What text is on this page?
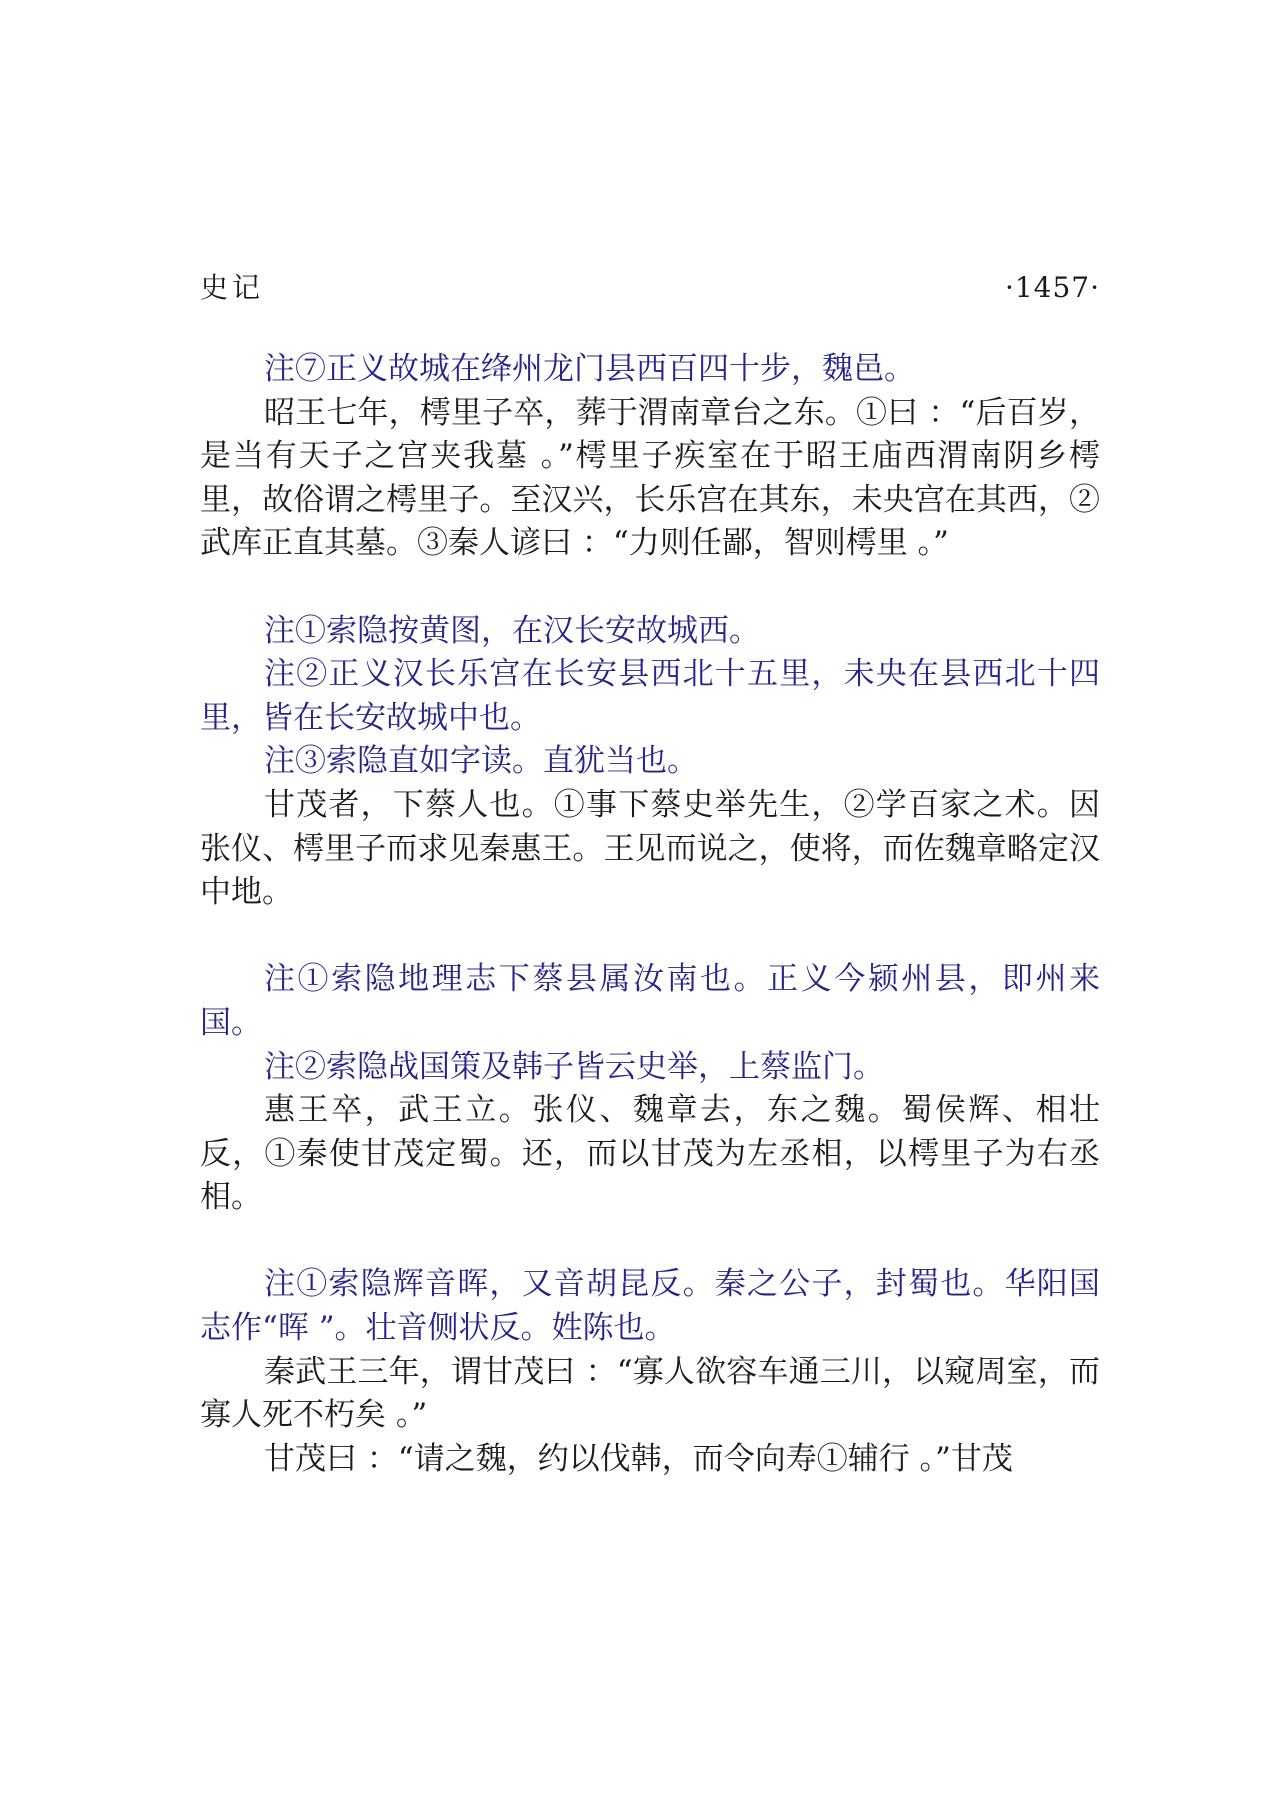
史记	·1457·

注⑦正义故城在绛州龙门县西百四十步，魏邑。

昭王七年，樗里子卒，葬于渭南章台之东。①曰 ：“后百岁，是当有天子之宫夹我墓 。”樗里子疾室在于昭王庙西渭南阴乡樗里，故俗谓之樗里子。至汉兴，长乐宫在其东，未央宫在其西，②武库正直其墓。③秦人谚曰 ：“力则任鄙，智则樗里 。”

注①索隐按黄图，在汉长安故城西。

注②正义汉长乐宫在长安县西北十五里，未央在县西北十四里，皆在长安故城中也。

注③索隐直如字读。直犹当也。

甘茂者，下蔡人也。①事下蔡史举先生，②学百家之术。因张仪、樗里子而求见秦惠王。王见而说之，使将，而佐魏章略定汉中地。

注①索隐地理志下蔡县属汝南也。正义今颍州县，即州来国。

注②索隐战国策及韩子皆云史举，上蔡监门。

惠王卒，武王立。张仪、魏章去，东之魏。蜀侯辉、相壮反，①秦使甘茂定蜀。还，而以甘茂为左丞相，以樗里子为右丞相。

注①索隐辉音晖，又音胡昆反。秦之公子，封蜀也。华阳国志作“晖 ”。壮音侧状反。姓陈也。

秦武王三年，谓甘茂曰 ：“寡人欲容车通三川，以窥周室，而寡人死不朽矣 。”

甘茂曰 ：“请之魏，约以伐韩，而令向寿①辅行 。”甘茂
